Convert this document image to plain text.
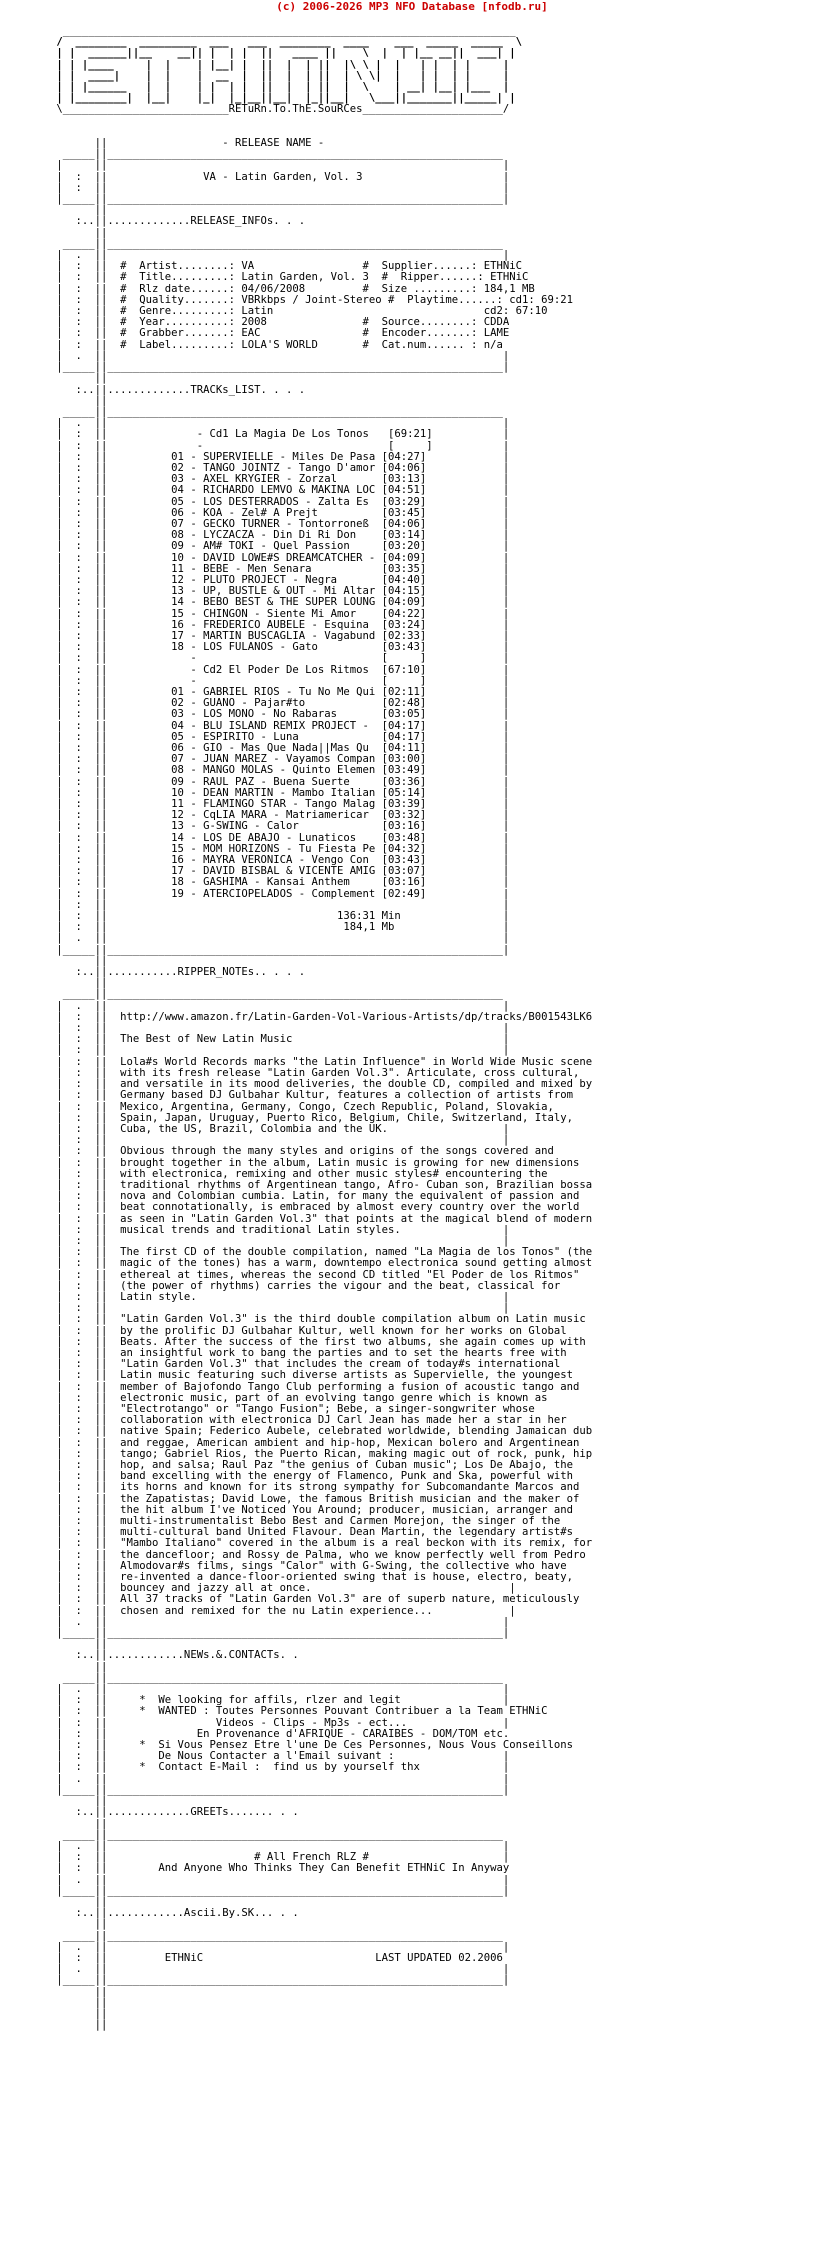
(c) 2006-2026 MP3 NFO Database [nfodb.ru]
_______________________________________________________________________
/  ________  _________  ___   ___  ________  ____    ___  _____  _____  \
| |  ______||__    __|| |  | |  ||   ____ ||    \  |  | |__ __||  ___| |
| | |____     |  |    | |__| |  ||  |  | ||  |\ \ |  |   | |  | |     |
| |  ____|    |  |    |  __  |  ||  |  | ||  | \ \|  |   | |  | |     |
| | |______   |  |    | |  | |  ||  |  | ||  |  \    | __| |__| |___  |
| |________|  |__|    |_|  |_|__||__|  |_||__|   \___||_______||_____| |
\__________________________RETuRn.To.ThE.SouRCes______________________/

||                  - RELEASE NAME -
_____||______________________________________________________________
|     ||                                                              |
|  :  ||               VA - Latin Garden, Vol. 3                      |
|  :  ||                                                              |
|_____||______________________________________________________________|
||
:..||.............RELEASE_INFOs. . .
||
_____||______________________________________________________________
|  .  ||                                                              |
|  :  ||  #  Artist........: VA                 #  Supplier......: ETHNiC
|  :  ||  #  Title.........: Latin Garden, Vol. 3  #  Ripper......: ETHNiC
|  :  ||  #  Rlz date......: 04/06/2008         #  Size .........: 184,1 MB
|  :  ||  #  Quality.......: VBRkbps / Joint-Stereo #  Playtime......: cd1: 69:21
|  :  ||  #  Genre.........: Latin                                 cd2: 67:10
|  :  ||  #  Year..........: 2008               #  Source........: CDDA
|  :  ||  #  Grabber.......: EAC                #  Encoder.......: LAME
|  :  ||  #  Label.........: LOLA'S WORLD       #  Cat.num...... : n/a
|  .  ||                                                              |
|_____||______________________________________________________________|
||
:..||.............TRACKs_LIST. . . .
||
_____||______________________________________________________________
|  .  ||                                                              |
|  :  ||              - Cd1 La Magia De Los Tonos   [69:21]           |
|  :  ||              -                             [     ]           |
|  :  ||          01 - SUPERVIELLE - Miles De Pasa [04:27]            |
|  :  ||          02 - TANGO JOINTZ - Tango D'amor [04:06]            |
|  :  ||          03 - AXEL KRYGIER - Zorzal       [03:13]            |
|  :  ||          04 - RICHARDO LEMVO & MAKINA LOC [04:51]            |
|  :  ||          05 - LOS DESTERRADOS - Zalta Es  [03:29]            |
|  :  ||          06 - KOA - Zel# A Prejt          [03:45]            |
|  :  ||          07 - GECKO TURNER - Tontorroneß  [04:06]            |
|  :  ||          08 - LYCZACZA - Din Di Ri Don    [03:14]            |
|  :  ||          09 - AM# TOKI - Quel Passion     [03:20]            |
|  :  ||          10 - DAVID LOWE#S DREAMCATCHER - [04:09]            |
|  :  ||          11 - BEBE - Men Senara           [03:35]            |
|  :  ||          12 - PLUTO PROJECT - Negra       [04:40]            |
|  :  ||          13 - UP, BUSTLE & OUT - Mi Altar [04:15]            |
|  :  ||          14 - BEBO BEST & THE SUPER LOUNG [04:09]            |
|  :  ||          15 - CHINGON - Siente Mi Amor    [04:22]            |
|  :  ||          16 - FREDERICO AUBELE - Esquina  [03:24]            |
|  :  ||          17 - MARTIN BUSCAGLIA - Vagabund [02:33]            |
|  :  ||          18 - LOS FULANOS - Gato          [03:43]            |
|  :  ||             -                             [     ]            |
|  :  ||             - Cd2 El Poder De Los Ritmos  [67:10]            |
|  :  ||             -                             [     ]            |
|  :  ||          01 - GABRIEL RIOS - Tu No Me Qui [02:11]            |
|  :  ||          02 - GUANO - Pajar#to            [02:48]            |
|  :  ||          03 - LOS MONO - No Rabaras       [03:05]            |
|  :  ||          04 - BLU ISLAND REMIX PROJECT -  [04:17]            |
|  :  ||          05 - ESPIRITO - Luna             [04:17]            |
|  :  ||          06 - GIO - Mas Que Nada||Mas Qu  [04:11]            |
|  :  ||          07 - JUAN MAREZ - Vayamos Compan [03:00]            |
|  :  ||          08 - MANGO MOLAS - Quinto Elemen [03:49]            |
|  :  ||          09 - RAUL PAZ - Buena Suerte     [03:36]            |
|  :  ||          10 - DEAN MARTIN - Mambo Italian [05:14]            |
|  :  ||          11 - FLAMINGO STAR - Tango Malag [03:39]            |
|  :  ||          12 - CqLIA MARA - Matriamericar  [03:32]            |
|  :  ||          13 - G-SWING - Calor             [03:16]            |
|  :  ||          14 - LOS DE ABAJO - Lunaticos    [03:48]            |
|  :  ||          15 - MOM HORIZONS - Tu Fiesta Pe [04:32]            |
|  :  ||          16 - MAYRA VERONICA - Vengo Con  [03:43]            |
|  :  ||          17 - DAVID BISBAL & VICENTE AMIG [03:07]            |
|  :  ||          18 - GASHIMA - Kansai Anthem     [03:16]            |
|  :  ||          19 - ATERCIOPELADOS - Complement [02:49]            |
|  :  ||                                                              |
|  :  ||                                    136:31 Min                |
|  :  ||                                     184,1 Mb                 |
|  .  ||                                                              |
|_____||______________________________________________________________|
||
:..||...........RIPPER_NOTEs.. . . .
||
_____||______________________________________________________________
|  .  ||                                                              |
|  :  ||  http://www.amazon.fr/Latin-Garden-Vol-Various-Artists/dp/tracks/B001543LK6
|  :  ||                                                              |
|  :  ||  The Best of New Latin Music                                 |
|  :  ||                                                              |
|  :  ||  Lola#s World Records marks "the Latin Influence" in World Wide Music scene
|  :  ||  with its fresh release "Latin Garden Vol.3". Articulate, cross cultural,
|  :  ||  and versatile in its mood deliveries, the double CD, compiled and mixed by
|  :  ||  Germany based DJ Gulbahar Kultur, features a collection of artists from
|  :  ||  Mexico, Argentina, Germany, Congo, Czech Republic, Poland, Slovakia,
|  :  ||  Spain, Japan, Uruguay, Puerto Rico, Belgium, Chile, Switzerland, Italy,
|  :  ||  Cuba, the US, Brazil, Colombia and the UK.                  |
|  :  ||                                                              |
|  :  ||  Obvious through the many styles and origins of the songs covered and
|  :  ||  brought together in the album, Latin music is growing for new dimensions
|  :  ||  with electronica, remixing and other music styles# encountering the
|  :  ||  traditional rhythms of Argentinean tango, Afro- Cuban son, Brazilian bossa
|  :  ||  nova and Colombian cumbia. Latin, for many the equivalent of passion and
|  :  ||  beat connotationally, is embraced by almost every country over the world
|  :  ||  as seen in "Latin Garden Vol.3" that points at the magical blend of modern
|  :  ||  musical trends and traditional Latin styles.                |
|  :  ||                                                              |
|  :  ||  The first CD of the double compilation, named "La Magia de los Tonos" (the
|  :  ||  magic of the tones) has a warm, downtempo electronica sound getting almost
|  :  ||  ethereal at times, whereas the second CD titled "El Poder de los Ritmos"
|  :  ||  (the power of rhythms) carries the vigour and the beat, classical for
|  :  ||  Latin style.                                                |
|  :  ||                                                              |
|  :  ||  "Latin Garden Vol.3" is the third double compilation album on Latin music
|  :  ||  by the prolific DJ Gulbahar Kultur, well known for her works on Global
|  :  ||  Beats. After the success of the first two albums, she again comes up with
|  :  ||  an insightful work to bang the parties and to set the hearts free with
|  :  ||  "Latin Garden Vol.3" that includes the cream of today#s international
|  :  ||  Latin music featuring such diverse artists as Supervielle, the youngest
|  :  ||  member of Bajofondo Tango Club performing a fusion of acoustic tango and
|  :  ||  electronic music, part of an evolving tango genre which is known as
|  :  ||  "Electrotango" or "Tango Fusion"; Bebe, a singer-songwriter whose
|  :  ||  collaboration with electronica DJ Carl Jean has made her a star in her
|  :  ||  native Spain; Federico Aubele, celebrated worldwide, blending Jamaican dub
|  :  ||  and reggae, American ambient and hip-hop, Mexican bolero and Argentinean
|  :  ||  tango; Gabriel Rios, the Puerto Rican, making magic out of rock, punk, hip
|  :  ||  hop, and salsa; Raul Paz "the genius of Cuban music"; Los De Abajo, the
|  :  ||  band excelling with the energy of Flamenco, Punk and Ska, powerful with
|  :  ||  its horns and known for its strong sympathy for Subcomandante Marcos and
|  :  ||  the Zapatistas; David Lowe, the famous British musician and the maker of
|  :  ||  the hit album I've Noticed You Around; producer, musician, arranger and
|  :  ||  multi-instrumentalist Bebo Best and Carmen Morejon, the singer of the
|  :  ||  multi-cultural band United Flavour. Dean Martin, the legendary artist#s
|  :  ||  "Mambo Italiano" covered in the album is a real beckon with its remix, for
|  :  ||  the dancefloor; and Rossy de Palma, who we know perfectly well from Pedro
|  :  ||  Almodovar#s films, sings "Calor" with G-Swing, the collective who have
|  :  ||  re-invented a dance-floor-oriented swing that is house, electro, beaty,
|  :  ||  bouncey and jazzy all at once.                               |
|  :  ||  All 37 tracks of "Latin Garden Vol.3" are of superb nature, meticulously
|  :  ||  chosen and remixed for the nu Latin experience...            |
|  .  ||                                                              |
|_____||______________________________________________________________|
||
:..||............NEWs.&.CONTACTs. .
||
_____||______________________________________________________________
|  .  ||                                                              |
|  :  ||     *  We looking for affils, rlzer and legit                |
|  :  ||     *  WANTED : Toutes Personnes Pouvant Contribuer a la Team ETHNiC
|  :  ||                 Videos - Clips - Mp3s - ect...               |
|  :  ||              En Provenance d'AFRIQUE - CARAIBES - DOM/TOM etc.
|  :  ||     *  Si Vous Pensez Etre l'une De Ces Personnes, Nous Vous Conseillons
|  :  ||        De Nous Contacter a l'Email suivant :                 |
|  :  ||     *  Contact E-Mail :  find us by yourself thx             |
|  .  ||                                                              |
|_____||______________________________________________________________|
||
:..||.............GREETs....... . .
||
_____||______________________________________________________________
|  .  ||                                                              |
|  :  ||                       # All French RLZ #                     |
|  :  ||        And Anyone Who Thinks They Can Benefit ETHNiC In Anyway
|  .  ||                                                              |
|_____||______________________________________________________________|
||
:..||............Ascii.By.SK... . .
||
_____||______________________________________________________________
|  .  ||                                                              |
|  :  ||         ETHNiC                           LAST UPDATED 02.2006
|  .  ||                                                              |
|_____||______________________________________________________________|
||
||
||
||
